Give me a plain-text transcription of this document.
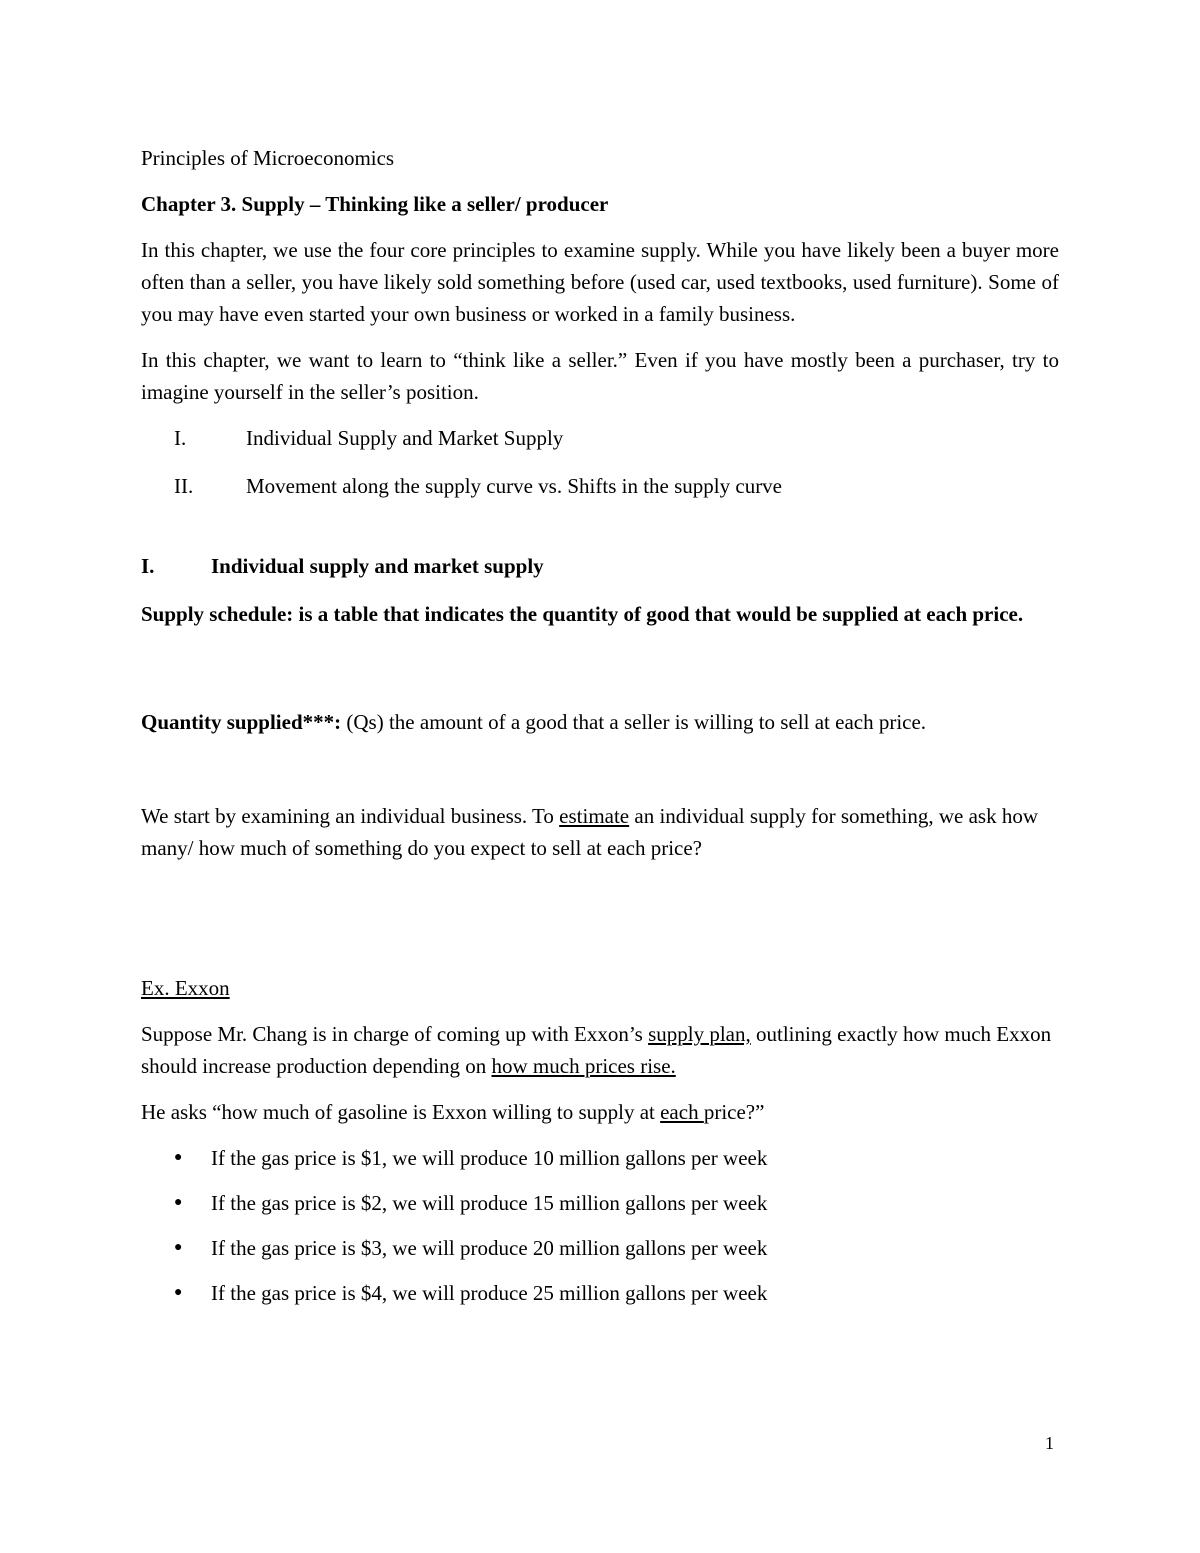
Principles of Microeconomics

Chapter 3. Supply – Thinking like a seller/ producer

In this chapter, we use the four core principles to examine supply. While you have likely been a buyer more often than a seller, you have likely sold something before (used car, used textbooks, used furniture). Some of you may have even started your own business or worked in a family business.

In this chapter, we want to learn to “think like a seller.” Even if you have mostly been a purchaser, try to imagine yourself in the seller’s position.

I.	Individual Supply and Market Supply
II.	Movement along the supply curve vs. Shifts in the supply curve
I.	Individual supply and market supply

Supply schedule: is a table that indicates the quantity of good that would be supplied at each price.

Quantity supplied***: (Qs) the amount of a good that a seller is willing to sell at each price.

We start by examining an individual business. To estimate an individual supply for something, we ask how many/ how much of something do you expect to sell at each price?

Ex. Exxon

Suppose Mr. Chang is in charge of coming up with Exxon’s supply plan, outlining exactly how much Exxon should increase production depending on how much prices rise.

He asks “how much of gasoline is Exxon willing to supply at each price?”

●	If the gas price is $1, we will produce 10 million gallons per week
●	If the gas price is $2, we will produce 15 million gallons per week
●	If the gas price is $3, we will produce 20 million gallons per week
●	If the gas price is $4, we will produce 25 million gallons per week
1
